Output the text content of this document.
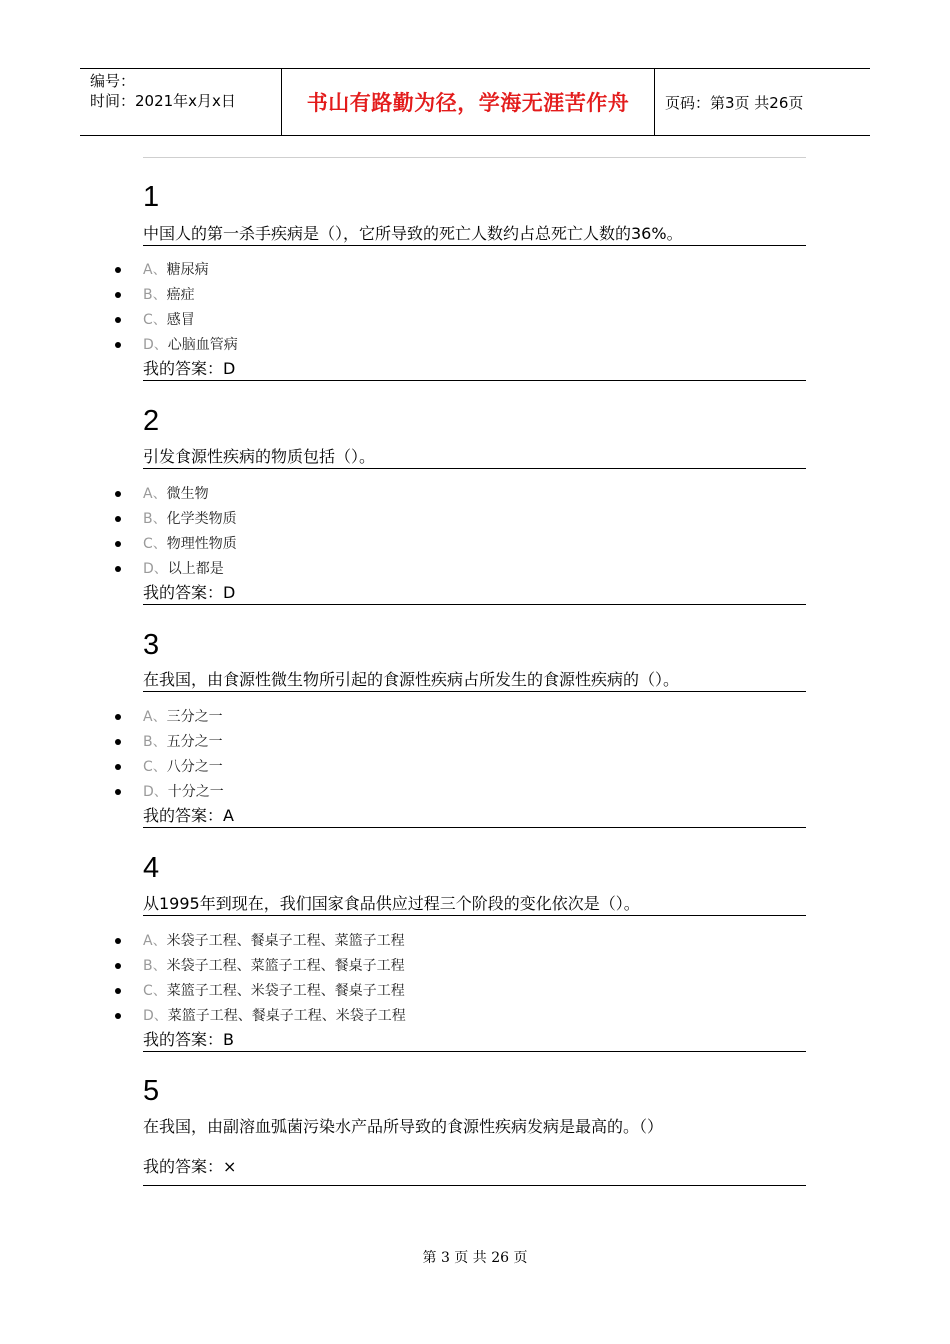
编号：
时间：2021年x月x日	书山有路勤为径，学海无涯苦作舟 页码：第3页 共26页
1
中国人的第一杀手疾病是（），它所导致的死亡人数约占总死亡人数的36%。
A、糖尿病
B、癌症
C、感冒
D、心脑血管病
我的答案：D
2
引发食源性疾病的物质包括（）。
A、微生物
B、化学类物质
C、物理性物质
D、以上都是
我的答案：D
3
在我国，由食源性微生物所引起的食源性疾病占所发生的食源性疾病的（）。
A、三分之一
B、五分之一
C、八分之一
D、十分之一
我的答案：A
4
从1995年到现在，我们国家食品供应过程三个阶段的变化依次是（）。
A、米袋子工程、餐桌子工程、菜篮子工程
B、米袋子工程、菜篮子工程、餐桌子工程
C、菜篮子工程、米袋子工程、餐桌子工程
D、菜篮子工程、餐桌子工程、米袋子工程
我的答案：B
5
在我国，由副溶血弧菌污染水产品所导致的食源性疾病发病是最高的。（）
我的答案：×
第 3 页 共 26 页
